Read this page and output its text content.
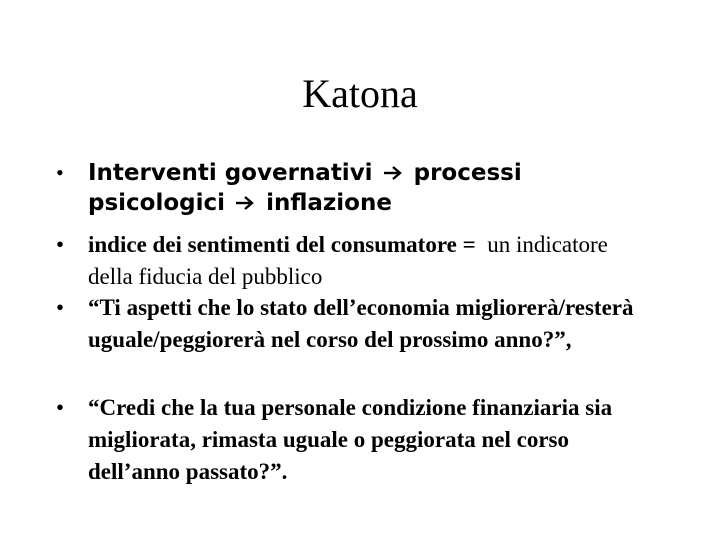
Katona
•	Interventi governativi processi psicologici inflazione
•	indice dei sentimenti del consumatore = un indicatore della fiducia del pubblico
•	“Ti aspetti che lo stato dell’economia migliorerà/resterà uguale/peggiorerà nel corso del prossimo anno?”,
•	“Credi che la tua personale condizione finanziaria sia migliorata, rimasta uguale o peggiorata nel corso dell’anno passato?”.
